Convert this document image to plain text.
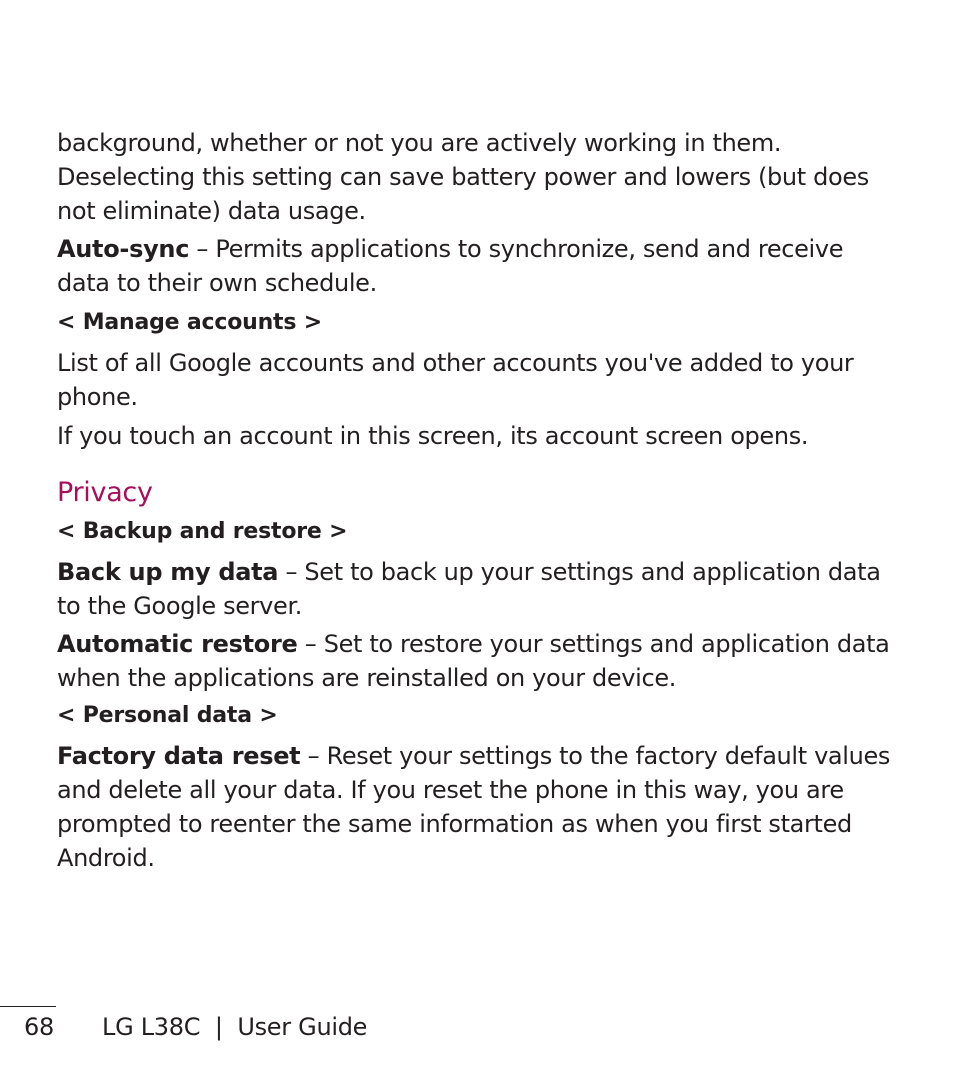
background, whether or not you are actively working in them. Deselecting this setting can save battery power and lowers (but does not eliminate) data usage.

Auto-sync – Permits applications to synchronize, send and receive data to their own schedule.

< Manage accounts >

List of all Google accounts and other accounts you've added to your phone.

If you touch an account in this screen, its account screen opens.

Privacy

< Backup and restore >

Back up my data – Set to back up your settings and application data to the Google server.

Automatic restore – Set to restore your settings and application data when the applications are reinstalled on your device.

< Personal data >

Factory data reset – Reset your settings to the factory default values and delete all your data. If you reset the phone in this way, you are prompted to reenter the same information as when you first started Android.

68 LG L38C | User Guide
